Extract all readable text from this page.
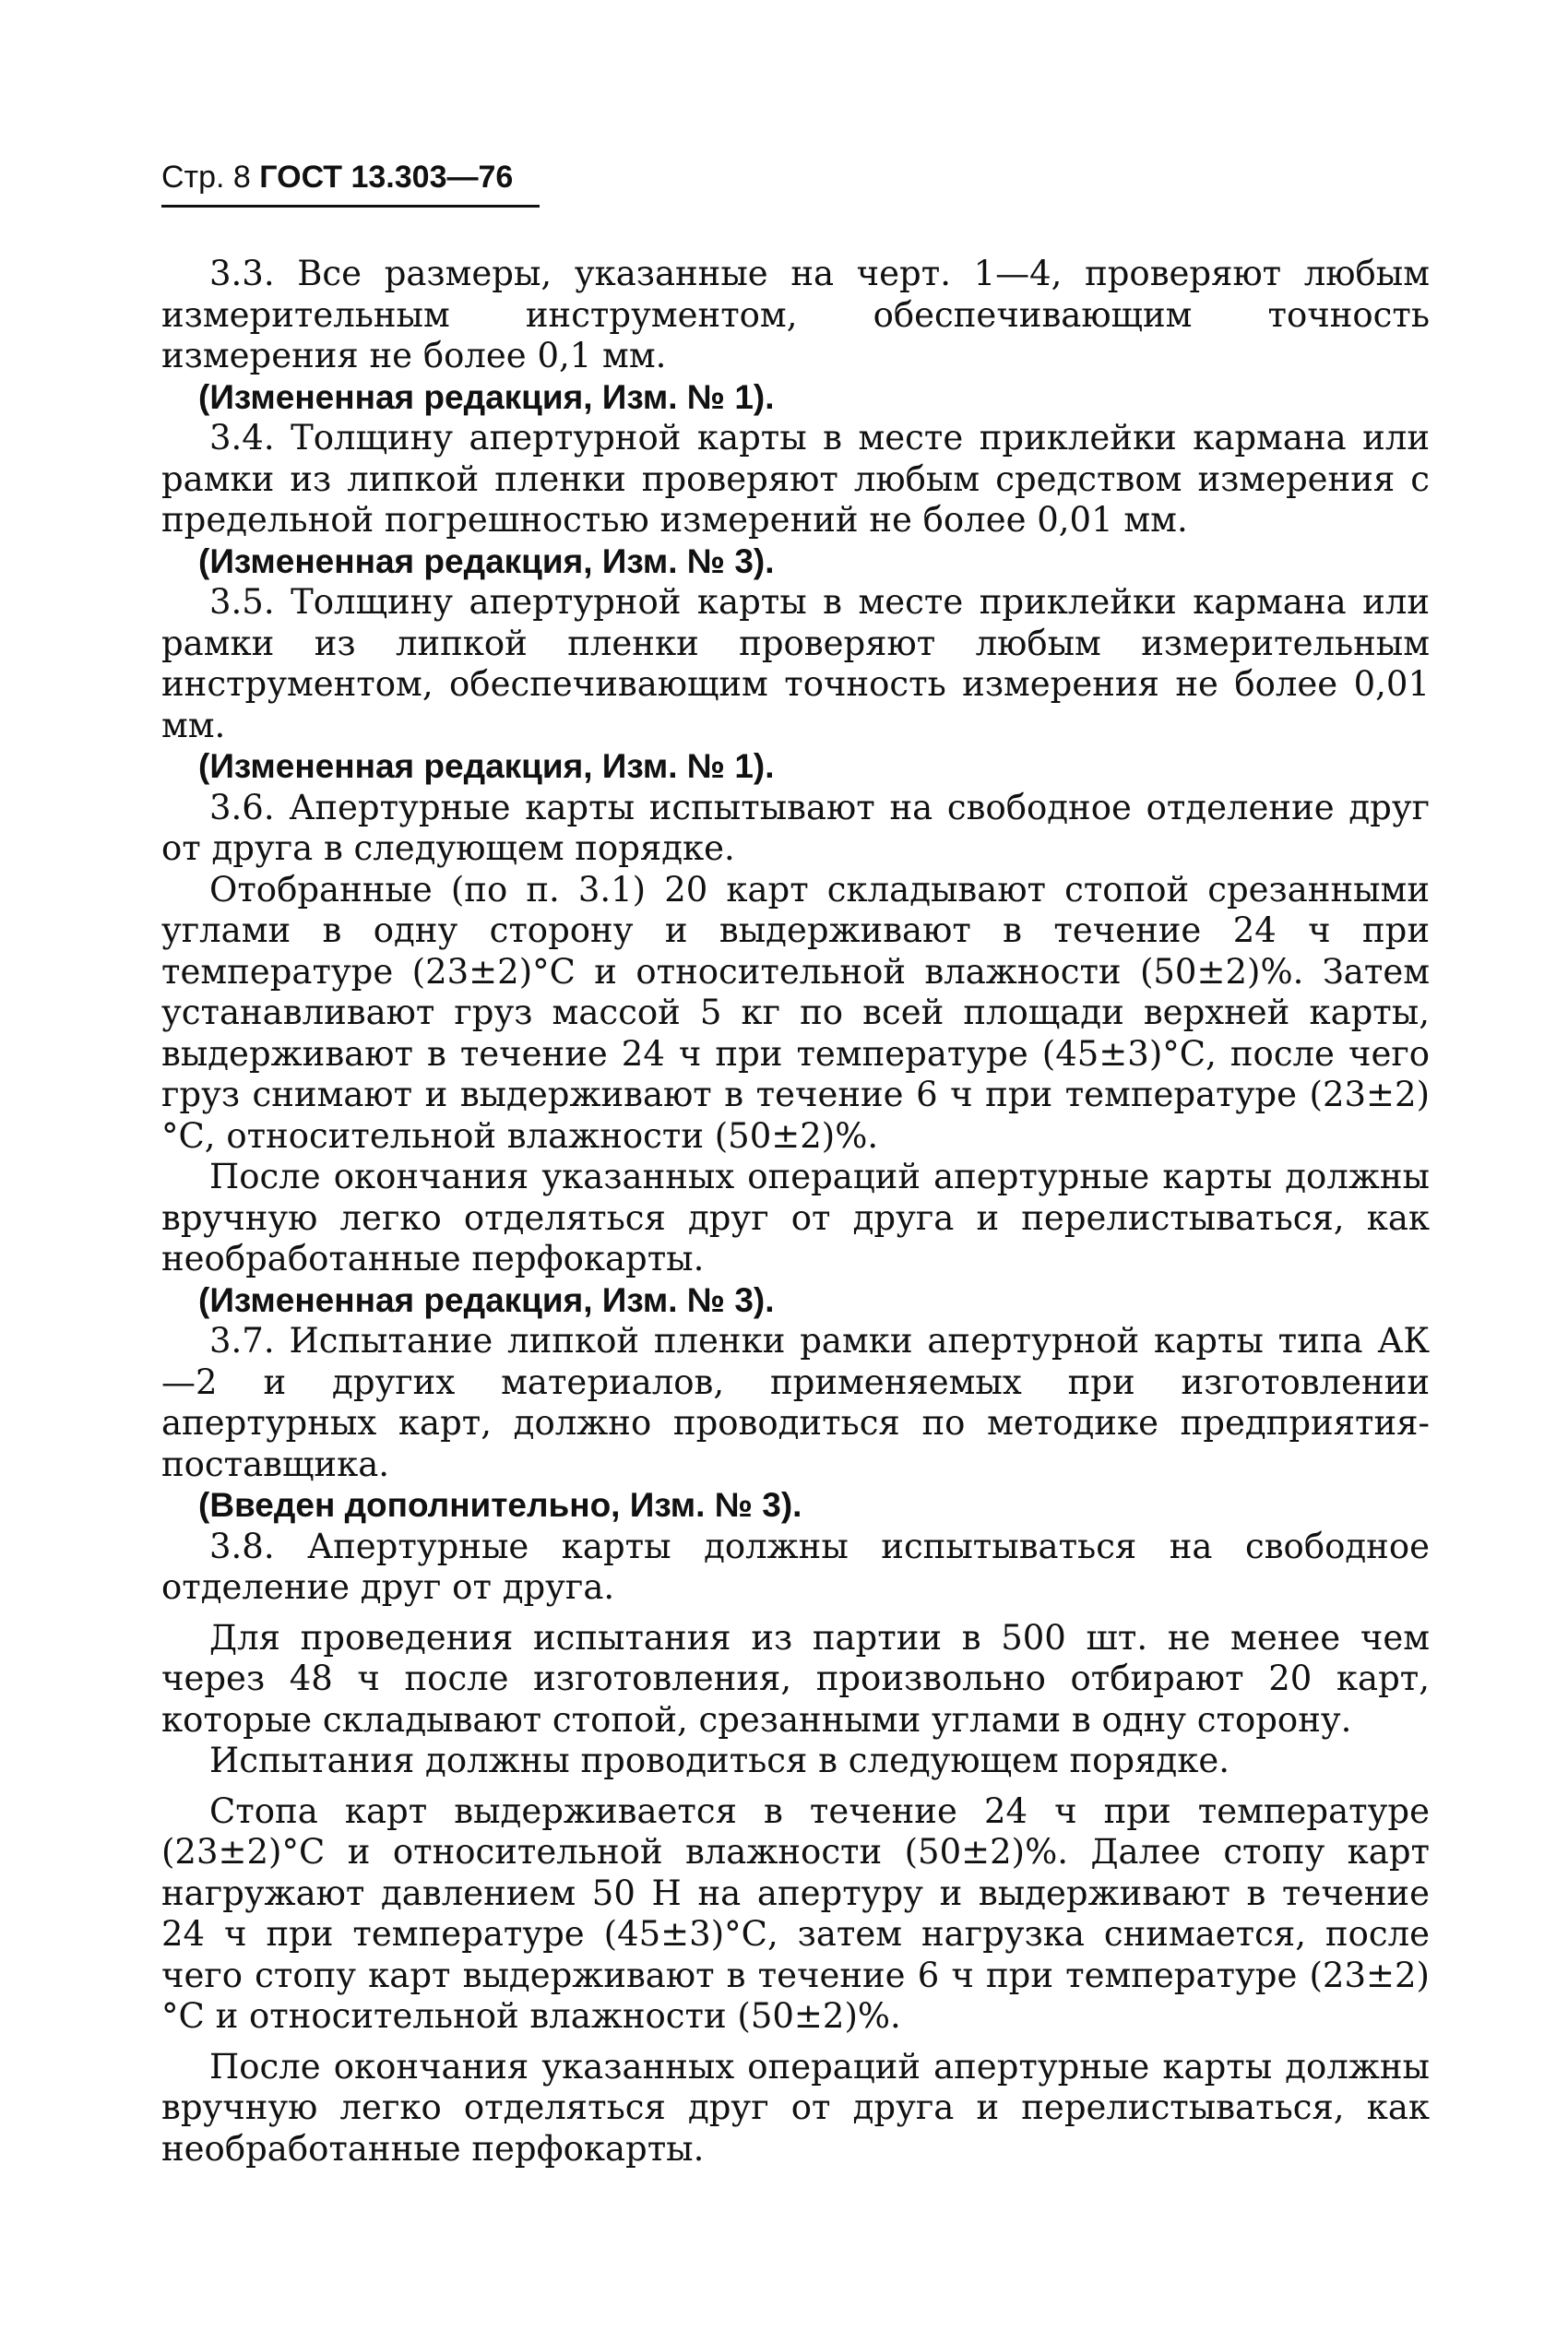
Стр. 8 ГОСТ 13.303—76

3.3. Все размеры, указанные на черт. 1—4, проверяют любым измерительным инструментом, обеспечивающим точность измерения не более 0,1 мм.

(Измененная редакция, Изм. № 1).

3.4. Толщину апертурной карты в месте приклейки кармана или рамки из липкой пленки проверяют любым средством измерения с предельной погрешностью измерений не более 0,01 мм.

(Измененная редакция, Изм. № 3).

3.5. Толщину апертурной карты в месте приклейки кармана или рамки из липкой пленки проверяют любым измерительным инструментом, обеспечивающим точность измерения не более 0,01 мм.

(Измененная редакция, Изм. № 1).

3.6. Апертурные карты испытывают на свободное отделение друг от друга в следующем порядке.

Отобранные (по п. 3.1) 20 карт складывают стопой срезанными углами в одну сторону и выдерживают в течение 24 ч при температуре (23±2)°С и относительной влажности (50±2)%. Затем устанавливают груз массой 5 кг по всей площади верхней карты, выдерживают в течение 24 ч при температуре (45±3)°С, после чего груз снимают и выдерживают в течение 6 ч при температуре (23±2)°С, относительной влажности (50±2)%.

После окончания указанных операций апертурные карты должны вручную легко отделяться друг от друга и перелистываться, как необработанные перфокарты.

(Измененная редакция, Изм. № 3).

3.7. Испытание липкой пленки рамки апертурной карты типа АК—2 и других материалов, применяемых при изготовлении апертурных карт, должно проводиться по методике предприятия-поставщика.

(Введен дополнительно, Изм. № 3).

3.8. Апертурные карты должны испытываться на свободное отделение друг от друга.

Для проведения испытания из партии в 500 шт. не менее чем через 48 ч после изготовления, произвольно отбирают 20 карт, которые складывают стопой, срезанными углами в одну сторону.

Испытания должны проводиться в следующем порядке.

Стопа карт выдерживается в течение 24 ч при температуре (23±2)°С и относительной влажности (50±2)%. Далее стопу карт нагружают давлением 50 Н на апертуру и выдерживают в течение 24 ч при температуре (45±3)°С, затем нагрузка снимается, после чего стопу карт выдерживают в течение 6 ч при температуре (23±2)°С и относительной влажности (50±2)%.

После окончания указанных операций апертурные карты должны вручную легко отделяться друг от друга и перелистываться, как необработанные перфокарты.
